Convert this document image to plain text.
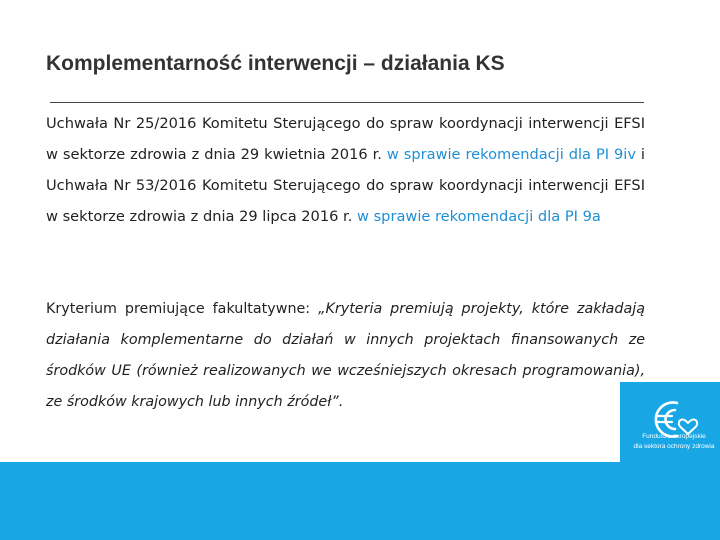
Komplementarność interwencji – działania KS
Uchwała Nr 25/2016 Komitetu Sterującego do spraw koordynacji interwencji EFSI w sektorze zdrowia z dnia 29 kwietnia 2016 r. w sprawie rekomendacji dla PI 9iv i Uchwała Nr 53/2016 Komitetu Sterującego do spraw koordynacji interwencji EFSI w sektorze zdrowia z dnia 29 lipca 2016 r. w sprawie rekomendacji dla PI 9a
Kryterium premiujące fakultatywne: „Kryteria premiują projekty, które zakładają działania komplementarne do działań w innych projektach finansowanych ze środków UE (również realizowanych we wcześniejszych okresach programowania), ze środków krajowych lub innych źródeł”.
Fundusze europejskie
dla sektora ochrony zdrowia
